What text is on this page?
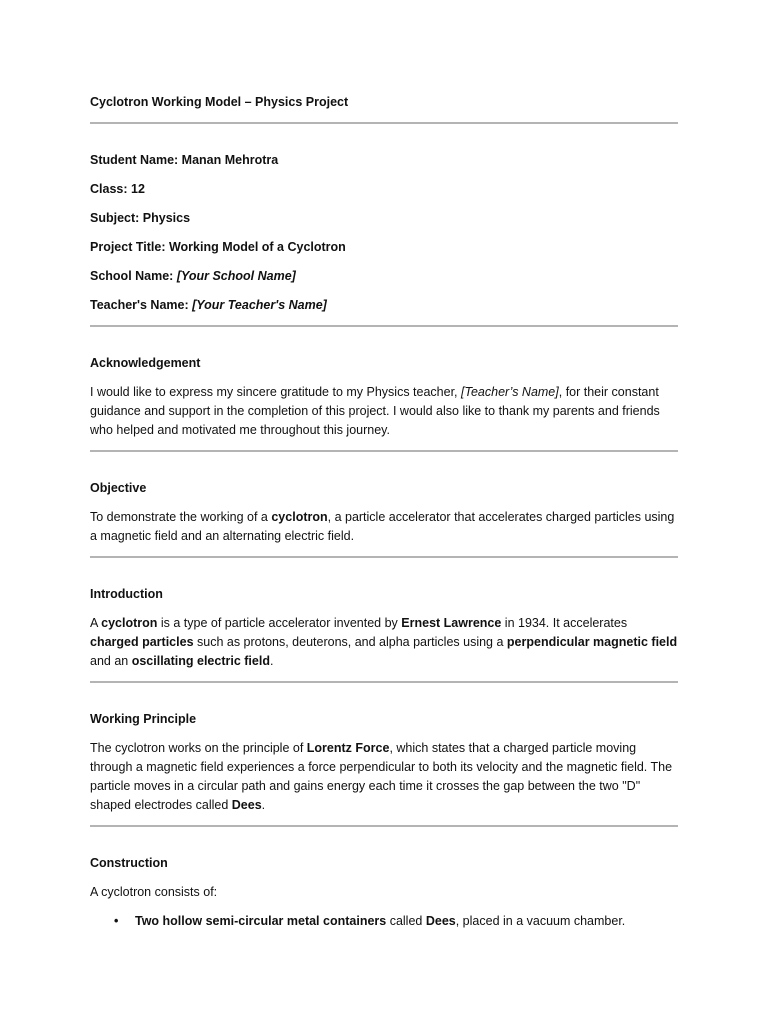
Cyclotron Working Model – Physics Project

Student Name: Manan Mehrotra

Class: 12

Subject: Physics

Project Title: Working Model of a Cyclotron

School Name: [Your School Name]

Teacher's Name: [Your Teacher's Name]

Acknowledgement

I would like to express my sincere gratitude to my Physics teacher, [Teacher’s Name], for their constant guidance and support in the completion of this project. I would also like to thank my parents and friends who helped and motivated me throughout this journey.

Objective

To demonstrate the working of a cyclotron, a particle accelerator that accelerates charged particles using a magnetic field and an alternating electric field.

Introduction

A cyclotron is a type of particle accelerator invented by Ernest Lawrence in 1934. It accelerates charged particles such as protons, deuterons, and alpha particles using a perpendicular magnetic field and an oscillating electric field.

Working Principle

The cyclotron works on the principle of Lorentz Force, which states that a charged particle moving through a magnetic field experiences a force perpendicular to both its velocity and the magnetic field. The particle moves in a circular path and gains energy each time it crosses the gap between the two "D" shaped electrodes called Dees.

Construction

A cyclotron consists of:

• Two hollow semi-circular metal containers called Dees, placed in a vacuum chamber.
